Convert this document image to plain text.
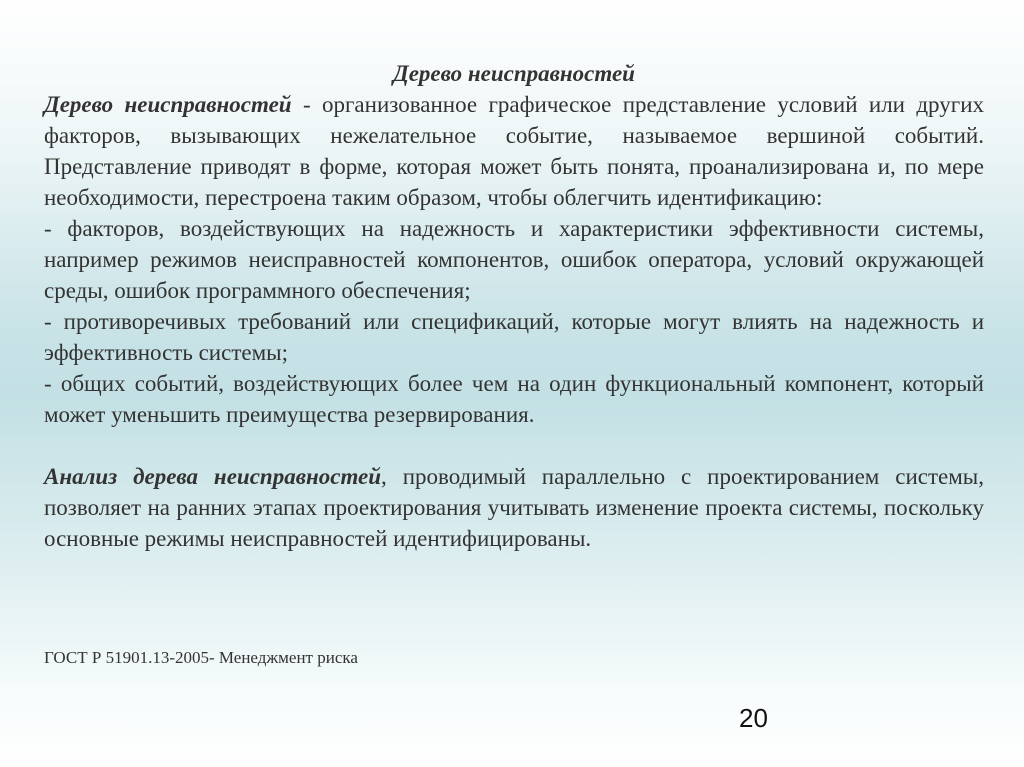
Дерево неисправностей

Дерево неисправностей - организованное графическое представление условий или других факторов, вызывающих нежелательное событие, называемое вершиной событий. Представление приводят в форме, которая может быть понята, проанализирована и, по мере необходимости, перестроена таким образом, чтобы облегчить идентификацию:

- факторов, воздействующих на надежность и характеристики эффективности системы, например режимов неисправностей компонентов, ошибок оператора, условий окружающей среды, ошибок программного обеспечения;

- противоречивых требований или спецификаций, которые могут влиять на надежность и эффективность системы;

- общих событий, воздействующих более чем на один функциональный компонент, который может уменьшить преимущества резервирования.

Анализ дерева неисправностей, проводимый параллельно с проектированием системы, позволяет на ранних этапах проектирования учитывать изменение проекта системы, поскольку основные режимы неисправностей идентифицированы.

ГОСТ Р 51901.13-2005- Менеджмент риска
20
